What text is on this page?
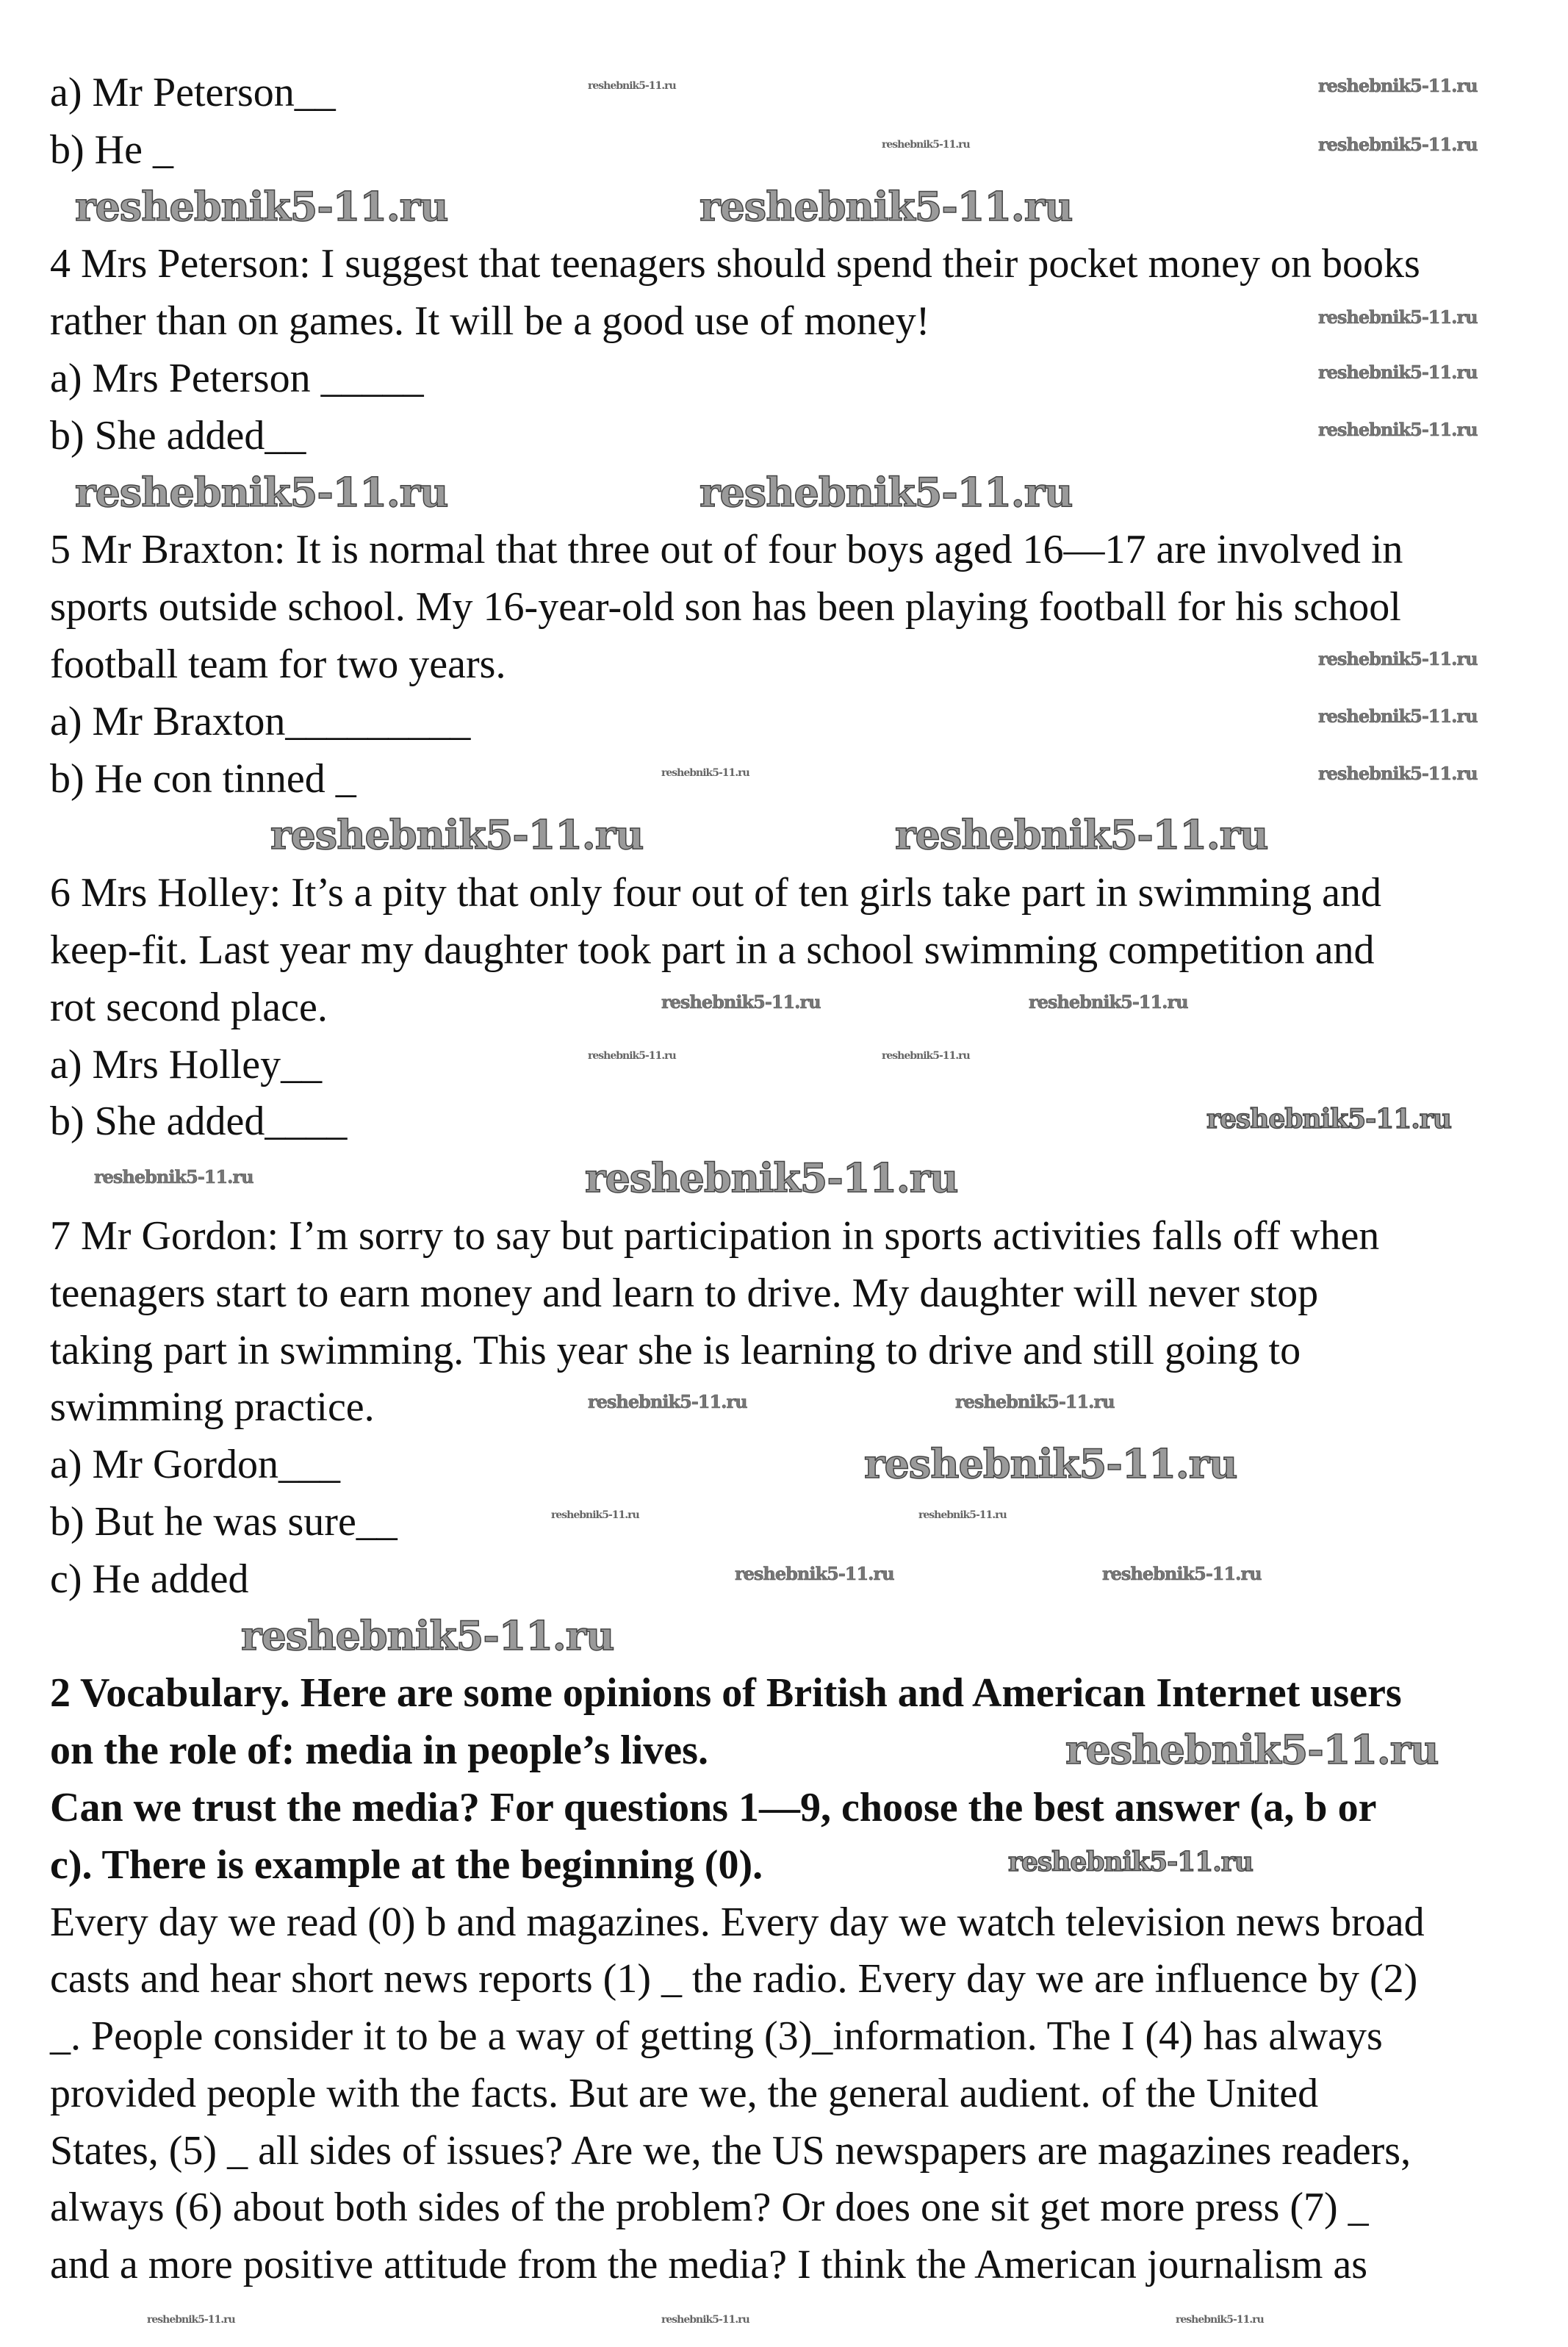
a) Mr Peterson__
b) He _
4 Mrs Peterson: I suggest that teenagers should spend their pocket money on books
rather than on games. It will be a good use of money!
a) Mrs Peterson _____
b) She added__
5 Mr Braxton: It is normal that three out of four boys aged 16—17 are involved in
sports outside school. My 16-year-old son has been playing football for his school
football team for two years.
a) Mr Braxton_________
b) He con tinned _
6 Mrs Holley: It’s a pity that only four out of ten girls take part in swimming and
keep-fit. Last year my daughter took part in a school swimming competition and
rot second place.
a) Mrs Holley__
b) She added____
7 Mr Gordon: I’m sorry to say but participation in sports activities falls off when
teenagers start to earn money and learn to drive. My daughter will never stop
taking part in swimming. This year she is learning to drive and still going to
swimming practice.
a) Mr Gordon___
b) But he was sure__
c) He added
2 Vocabulary. Here are some opinions of British and American Internet users
on the role of: media in people’s lives.
Can we trust the media? For questions 1—9, choose the best answer (a, b or
c). There is example at the beginning (0).
Every day we read (0) b and magazines. Every day we watch television news broad
casts and hear short news reports (1) _ the radio. Every day we are influence by (2)
_. People consider it to be a way of getting (3)_information. The I (4) has always
provided people with the facts. But are we, the general audient. of the United
States, (5) _ all sides of issues? Are we, the US newspapers are magazines readers,
always (6) about both sides of the problem? Or does one sit get more press (7) _
and a more positive attitude from the media? I think the American journalism as
reshebnik5-11.ru	reshebnik5-11.ru
reshebnik5-11.ru	reshebnik5-11.ru
reshebnik5-11.ru	reshebnik5-11.ru
reshebnik5-11.ru
reshebnik5-11.ru
reshebnik5-11.ru
reshebnik5-11.ru
reshebnik5-11.ru
reshebnik5-11.ru
reshebnik5-11.ru
reshebnik5-11.ru
reshebnik5-11.ru
reshebnik5-11.ru
reshebnik5-11.ru
reshebnik5-11.ru
reshebnik5-11.ru
reshebnik5-11.ru
reshebnik5-11.ru
reshebnik5-11.ru	reshebnik5-11.ru
reshebnik5-11.ru	reshebnik5-11.ru
reshebnik5-11.ru	reshebnik5-11.ru
reshebnik5-11.ru
reshebnik5-11.ru
reshebnik5-11.ru
reshebnik5-11.ru	reshebnik5-11.ru
reshebnik5-11.ru	reshebnik5-11.ru
reshebnik5-11.ru	reshebnik5-11.ru	reshebnik5-11.ru
